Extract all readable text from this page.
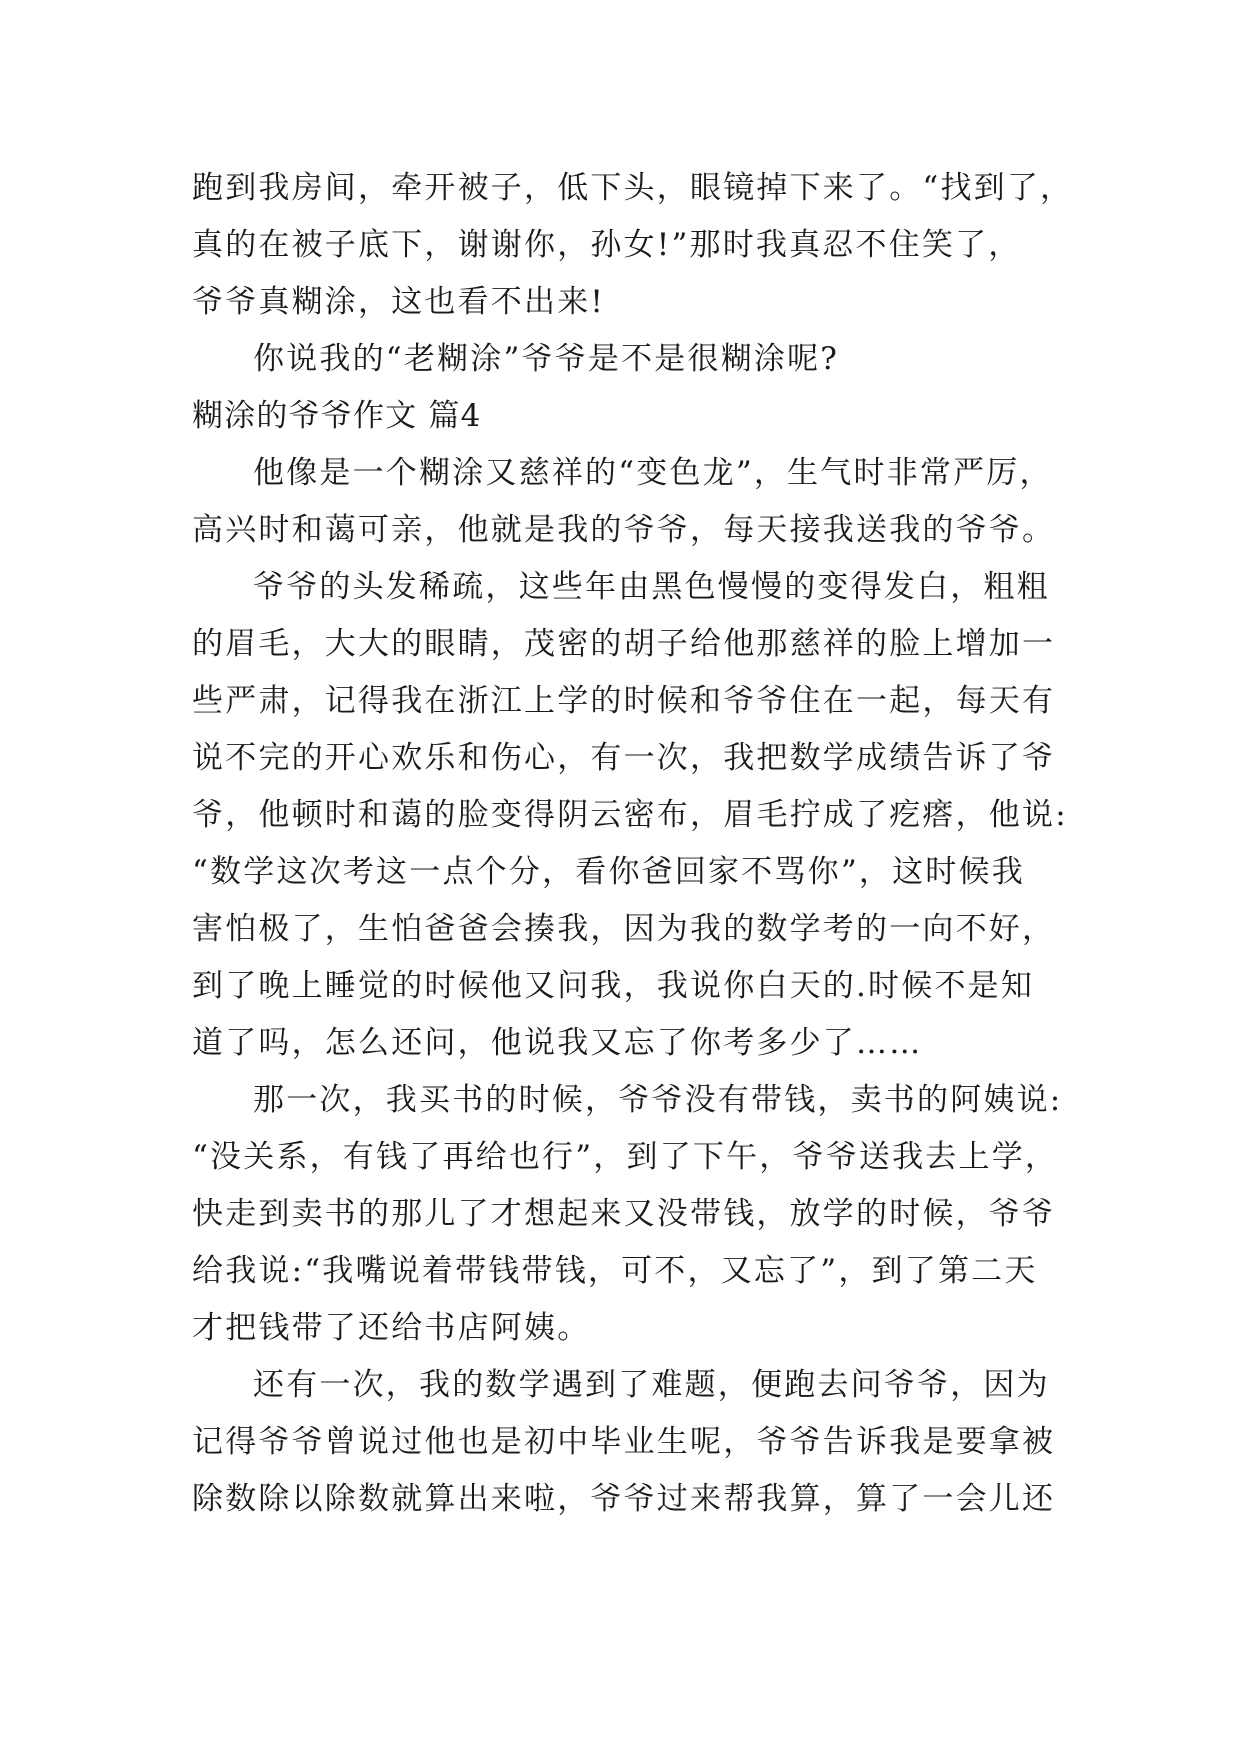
跑到我房间，牵开被子，低下头，眼镜掉下来了。“找到了，
真的在被子底下，谢谢你，孙女!”那时我真忍不住笑了，
爷爷真糊涂，这也看不出来!
你说我的“老糊涂”爷爷是不是很糊涂呢?
糊涂的爷爷作文 篇4
他像是一个糊涂又慈祥的“变色龙”，生气时非常严厉，
高兴时和蔼可亲，他就是我的爷爷，每天接我送我的爷爷。
爷爷的头发稀疏，这些年由黑色慢慢的变得发白，粗粗
的眉毛，大大的眼睛，茂密的胡子给他那慈祥的脸上增加一
些严肃，记得我在浙江上学的时候和爷爷住在一起，每天有
说不完的开心欢乐和伤心，有一次，我把数学成绩告诉了爷
爷，他顿时和蔼的脸变得阴云密布，眉毛拧成了疙瘩，他说:
“数学这次考这一点个分，看你爸回家不骂你”，这时候我
害怕极了，生怕爸爸会揍我，因为我的数学考的一向不好，
到了晚上睡觉的时候他又问我，我说你白天的.时候不是知
道了吗，怎么还问，他说我又忘了你考多少了……
那一次，我买书的时候，爷爷没有带钱，卖书的阿姨说:
“没关系，有钱了再给也行”，到了下午，爷爷送我去上学，
快走到卖书的那儿了才想起来又没带钱，放学的时候，爷爷
给我说:“我嘴说着带钱带钱，可不，又忘了”，到了第二天
才把钱带了还给书店阿姨。
还有一次，我的数学遇到了难题，便跑去问爷爷，因为
记得爷爷曾说过他也是初中毕业生呢，爷爷告诉我是要拿被
除数除以除数就算出来啦，爷爷过来帮我算，算了一会儿还
